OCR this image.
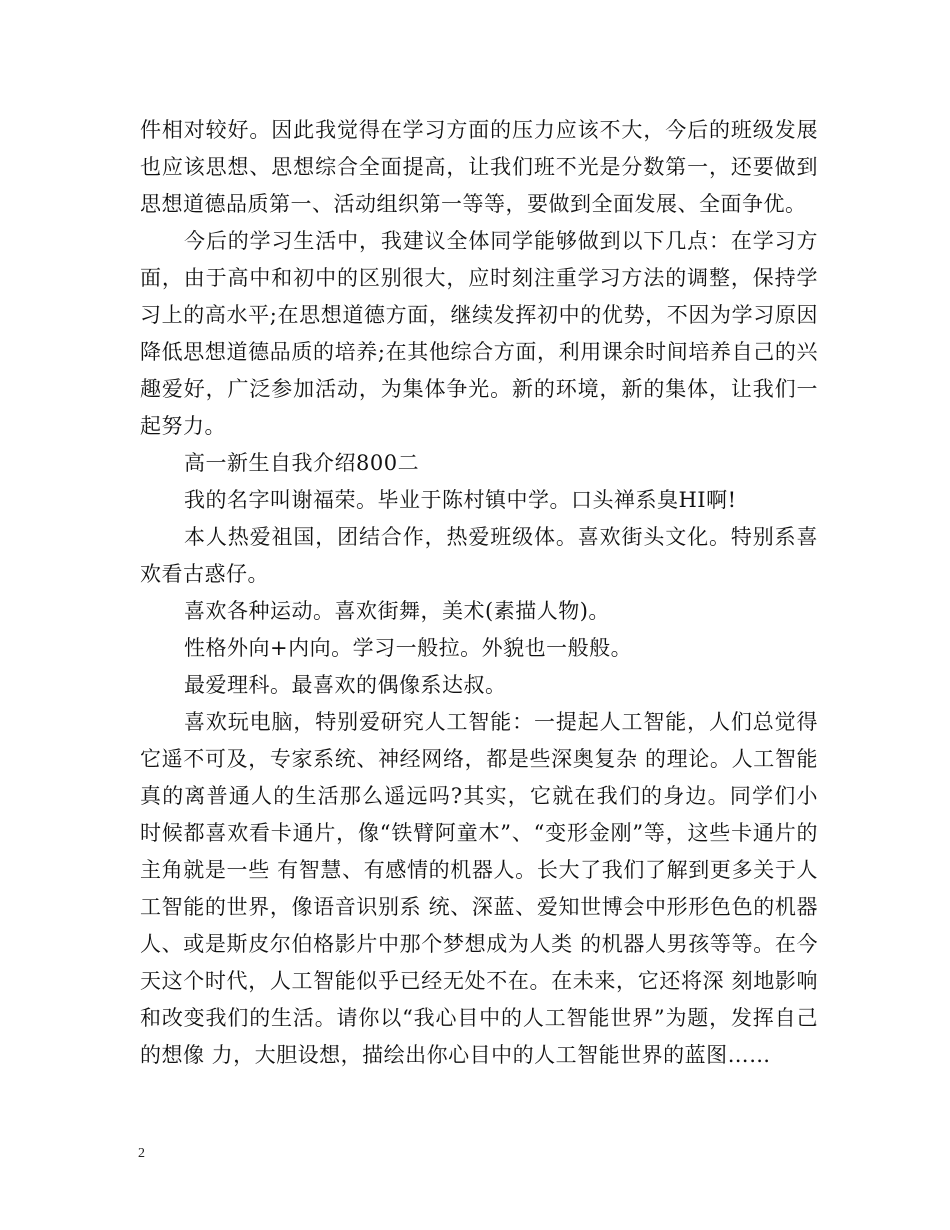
件相对较好。因此我觉得在学习方面的压力应该不大，今后的班级发展也应该思想、思想综合全面提高，让我们班不光是分数第一，还要做到思想道德品质第一、活动组织第一等等，要做到全面发展、全面争优。

今后的学习生活中，我建议全体同学能够做到以下几点：在学习方面，由于高中和初中的区别很大，应时刻注重学习方法的调整，保持学习上的高水平;在思想道德方面，继续发挥初中的优势，不因为学习原因降低思想道德品质的培养;在其他综合方面，利用课余时间培养自己的兴趣爱好，广泛参加活动，为集体争光。新的环境，新的集体，让我们一起努力。

高一新生自我介绍800二

我的名字叫谢福荣。毕业于陈村镇中学。口头禅系臭HI啊!

本人热爱祖国，团结合作，热爱班级体。喜欢街头文化。特别系喜欢看古惑仔。

喜欢各种运动。喜欢街舞，美术(素描人物)。

性格外向+内向。学习一般拉。外貌也一般般。

最爱理科。最喜欢的偶像系达叔。

喜欢玩电脑，特别爱研究人工智能：一提起人工智能，人们总觉得它遥不可及，专家系统、神经网络，都是些深奥复杂 的理论。人工智能真的离普通人的生活那么遥远吗?其实，它就在我们的身边。同学们小时候都喜欢看卡通片，像“铁臂阿童木”、“变形金刚”等，这些卡通片的主角就是一些 有智慧、有感情的机器人。长大了我们了解到更多关于人工智能的世界，像语音识别系 统、深蓝、爱知世博会中形形色色的机器人、或是斯皮尔伯格影片中那个梦想成为人类 的机器人男孩等等。在今天这个时代，人工智能似乎已经无处不在。在未来，它还将深 刻地影响和改变我们的生活。请你以“我心目中的人工智能世界”为题，发挥自己的想像 力，大胆设想，描绘出你心目中的人工智能世界的蓝图……

2
